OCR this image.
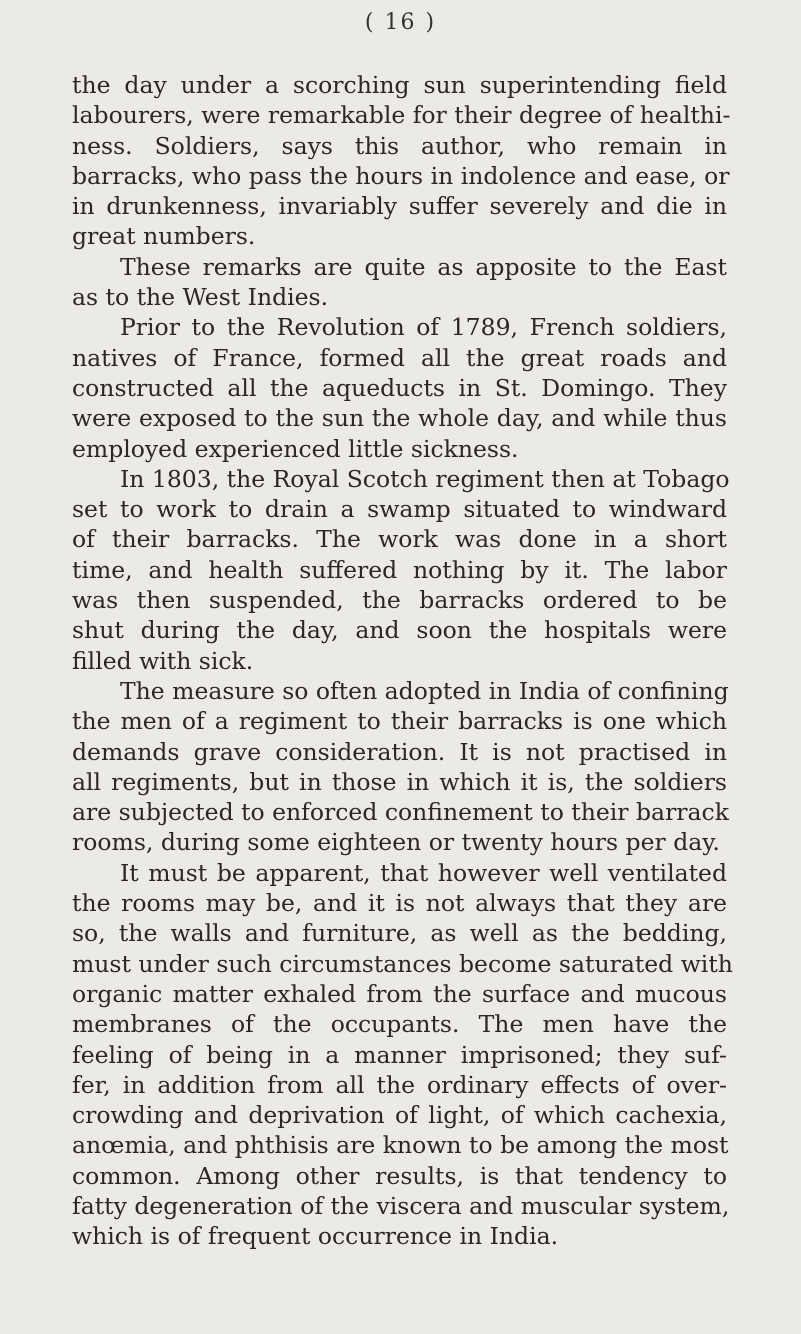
( 16 )
the day under a scorching sun superintending field
labourers, were remarkable for their degree of healthi-
ness. Soldiers, says this author, who remain in
barracks, who pass the hours in indolence and ease, or
in drunkenness, invariably suffer severely and die in
great numbers.
These remarks are quite as apposite to the East
as to the West Indies.
Prior to the Revolution of 1789, French soldiers,
natives of France, formed all the great roads and
constructed all the aqueducts in St. Domingo. They
were exposed to the sun the whole day, and while thus
employed experienced little sickness.
In 1803, the Royal Scotch regiment then at Tobago
set to work to drain a swamp situated to windward
of their barracks. The work was done in a short
time, and health suffered nothing by it. The labor
was then suspended, the barracks ordered to be
shut during the day, and soon the hospitals were
filled with sick.
The measure so often adopted in India of confining
the men of a regiment to their barracks is one which
demands grave consideration. It is not practised in
all regiments, but in those in which it is, the soldiers
are subjected to enforced confinement to their barrack
rooms, during some eighteen or twenty hours per day.
It must be apparent, that however well ventilated
the rooms may be, and it is not always that they are
so, the walls and furniture, as well as the bedding,
must under such circumstances become saturated with
organic matter exhaled from the surface and mucous
membranes of the occupants. The men have the
feeling of being in a manner imprisoned; they suf-
fer, in addition from all the ordinary effects of over-
crowding and deprivation of light, of which cachexia,
anœmia, and phthisis are known to be among the most
common. Among other results, is that tendency to
fatty degeneration of the viscera and muscular system,
which is of frequent occurrence in India.
